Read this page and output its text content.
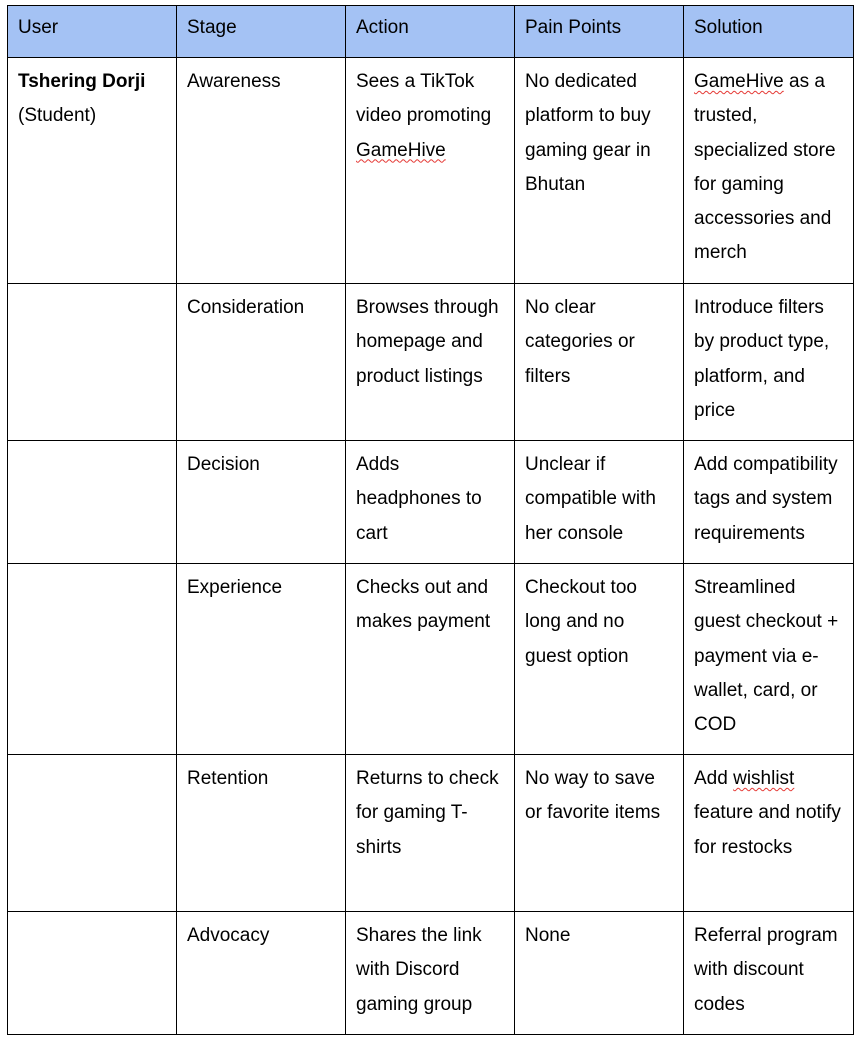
User	Stage	Action	Pain Points	Solution

Tshering Dorji
(Student)	Awareness	Sees a TikTok video promoting GameHive	No dedicated platform to buy gaming gear in Bhutan	GameHive as a trusted, specialized store for gaming accessories and merch
	Consideration	Browses through homepage and product listings	No clear categories or filters	Introduce filters by product type, platform, and price
	Decision	Adds headphones to cart	Unclear if compatible with her console	Add compatibility tags and system requirements
	Experience	Checks out and makes payment	Checkout too long and no guest option	Streamlined guest checkout + payment via e-wallet, card, or COD
	Retention	Returns to check for gaming T-shirts	No way to save or favorite items	Add wishlist feature and notify for restocks
	Advocacy	Shares the link with Discord gaming group	None	Referral program with discount codes
